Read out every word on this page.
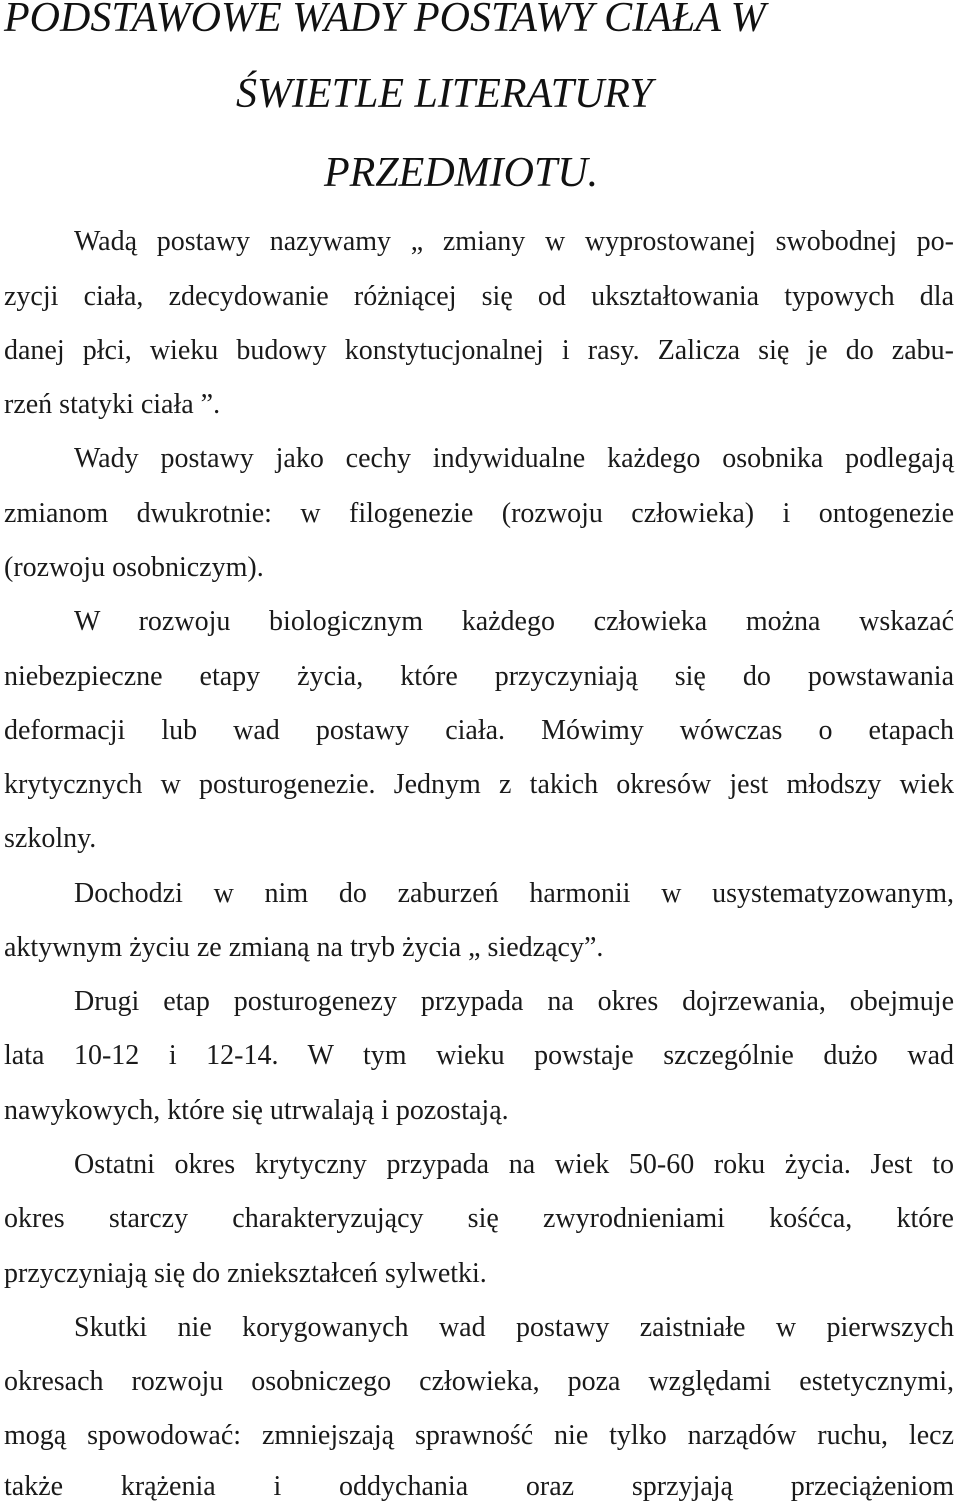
PODSTAWOWE WADY POSTAWY CIAŁA W
ŚWIETLE LITERATURY
PRZEDMIOTU.
Wadą postawy nazywamy „ zmiany w wyprostowanej swobodnej po-
zycji ciała, zdecydowanie różniącej się od ukształtowania typowych dla
danej płci, wieku budowy konstytucjonalnej i rasy. Zalicza się je do zabu-
rzeń statyki ciała ”.
Wady postawy jako cechy indywidualne każdego osobnika podlegają
zmianom dwukrotnie: w filogenezie (rozwoju człowieka) i ontogenezie
(rozwoju osobniczym).
W rozwoju biologicznym każdego człowieka można wskazać
niebezpieczne etapy życia, które przyczyniają się do powstawania
deformacji lub wad postawy ciała. Mówimy wówczas o etapach
krytycznych w posturogenezie. Jednym z takich okresów jest młodszy wiek
szkolny.
Dochodzi w nim do zaburzeń harmonii w usystematyzowanym,
aktywnym życiu ze zmianą na tryb życia „ siedzący”.
Drugi etap posturogenezy przypada na okres dojrzewania, obejmuje
lata 10-12 i 12-14. W tym wieku powstaje szczególnie dużo wad
nawykowych, które się utrwalają i pozostają.
Ostatni okres krytyczny przypada na wiek 50-60 roku życia. Jest to
okres starczy charakteryzujący się zwyrodnieniami kośćca, które
przyczyniają się do zniekształceń sylwetki.
Skutki nie korygowanych wad postawy zaistniałe w pierwszych
okresach rozwoju osobniczego człowieka, poza względami estetycznymi,
mogą spowodować: zmniejszają sprawność nie tylko narządów ruchu, lecz
także krążenia i oddychania oraz sprzyjają przeciążeniom
